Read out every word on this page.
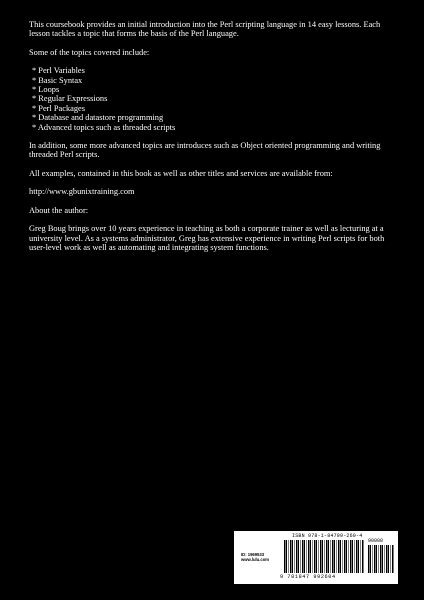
This coursebook provides an initial introduction into the Perl scripting language in 14 easy lessons. Each lesson tackles a topic that forms the basis of the Perl language.

Some of the topics covered include:

* Perl Variables
* Basic Syntax
* Loops
* Regular Expressions
* Perl Packages
* Database and datastore programming
* Advanced topics such as threaded scripts

In addition, some more advanced topics are introduces such as Object oriented programming and writing threaded Perl scripts.

All examples, contained in this book as well as other titles and services are available from:

http://www.gbunixtraining.com

About the author:

Greg Boug brings over 10 years experience in teaching as both a corporate trainer as well as lecturing at a university level. As a systems administrator, Greg has extensive experience in writing Perl scripts for both user-level work as well as automating and integrating system functions.

ID: 1969533
www.lulu.com
ISBN 978-1-84799-260-4
90000
9 781847 992604
